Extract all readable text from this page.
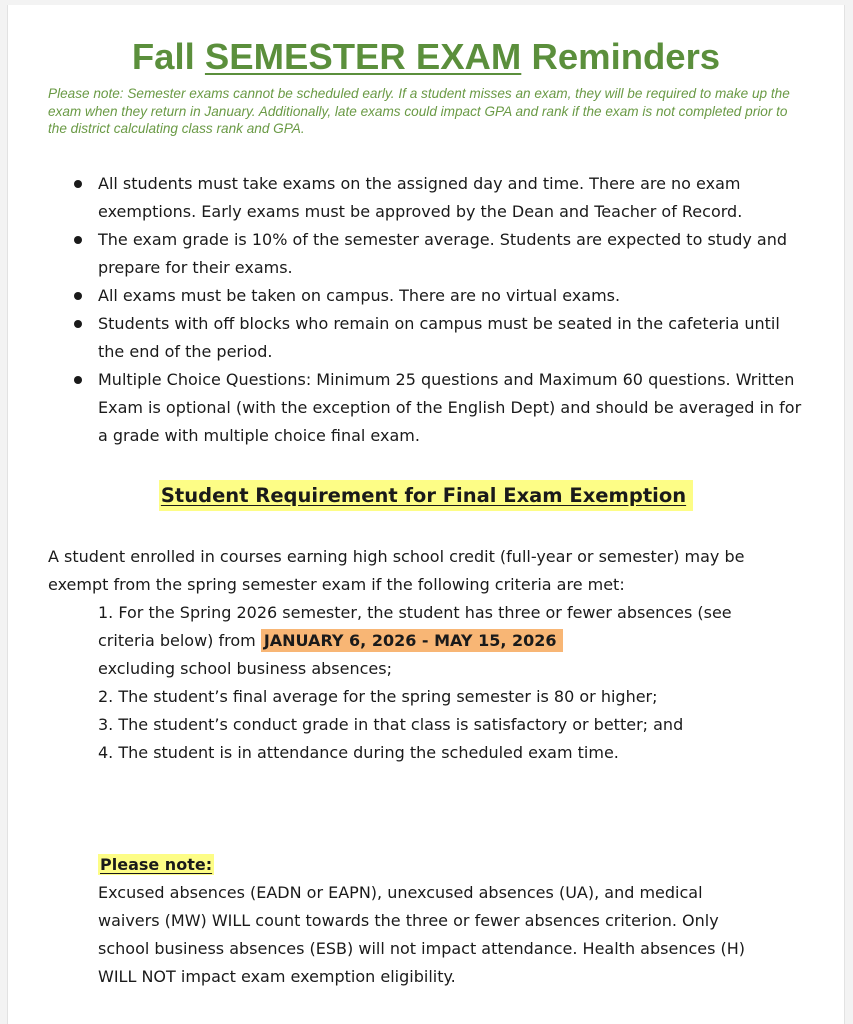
Fall SEMESTER EXAM Reminders

Please note: Semester exams cannot be scheduled early. If a student misses an exam, they will be required to make up the exam when they return in January. Additionally, late exams could impact GPA and rank if the exam is not completed prior to the district calculating class rank and GPA.

All students must take exams on the assigned day and time. There are no exam exemptions. Early exams must be approved by the Dean and Teacher of Record.
The exam grade is 10% of the semester average. Students are expected to study and prepare for their exams.
All exams must be taken on campus. There are no virtual exams.
Students with off blocks who remain on campus must be seated in the cafeteria until the end of the period.
Multiple Choice Questions: Minimum 25 questions and Maximum 60 questions. Written Exam is optional (with the exception of the English Dept) and should be averaged in for a grade with multiple choice final exam.
Student Requirement for Final Exam Exemption

A student enrolled in courses earning high school credit (full-year or semester) may be exempt from the spring semester exam if the following criteria are met:

1. For the Spring 2026 semester, the student has three or fewer absences (see criteria below) from JANUARY 6, 2026 - MAY 15, 2026
excluding school business absences;
2. The student’s final average for the spring semester is 80 or higher;
3. The student’s conduct grade in that class is satisfactory or better; and
4. The student is in attendance during the scheduled exam time.

Please note:

Excused absences (EADN or EAPN), unexcused absences (UA), and medical waivers (MW) WILL count towards the three or fewer absences criterion. Only school business absences (ESB) will not impact attendance. Health absences (H) WILL NOT impact exam exemption eligibility.
